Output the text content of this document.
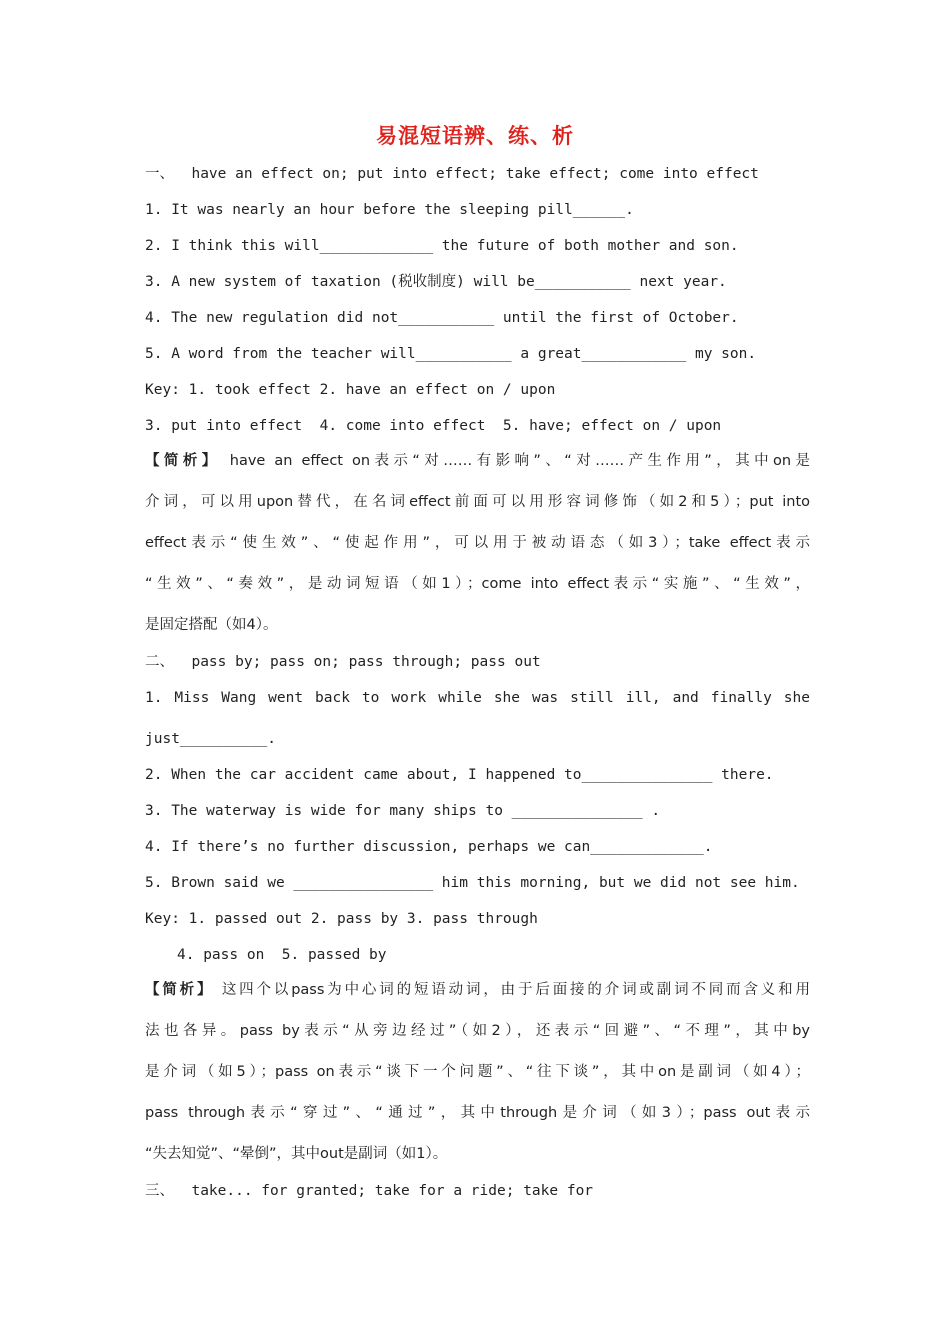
易混短语辨、练、析
一、  have an effect on; put into effect; take effect; come into effect
1. It was nearly an hour before the sleeping pill______.
2. I think this will_____________ the future of both mother and son.
3. A new system of taxation (税收制度) will be___________ next year.
4. The new regulation did not___________ until the first of October.
5. A word from the teacher will___________ a great____________ my son.
Key: 1. took effect 2. have an effect on / upon
3. put into effect  4. come into effect  5. have; effect on / upon
【简析】 have an effect on表示“对……有影响”、“对……产生作用”，其中on是
介词，可以用upon替代，在名词effect前面可以用形容词修饰（如2和5）；put into
effect表示“使生效”、“使起作用”，可以用于被动语态（如3）；take effect表示
“生效”、“奏效”，是动词短语（如1）；come into effect表示“实施”、“生效”，
是固定搭配（如4）。
二、  pass by; pass on; pass through; pass out
1. Miss Wang went back to work while she was still ill, and finally she
just__________.
2. When the car accident came about, I happened to_______________ there.
3. The waterway is wide for many ships to _______________ .
4. If there’s no further discussion, perhaps we can_____________.
5. Brown said we ________________ him this morning, but we did not see him.
Key: 1. passed out 2. pass by 3. pass through
4. pass on  5. passed by
【简析】 这四个以pass为中心词的短语动词，由于后面接的介词或副词不同而含义和用
法也各异。pass by表示“从旁边经过”（如2），还表示“回避”、“不理”，其中by
是介词（如5）；pass on表示“谈下一个问题”、“往下谈”，其中on是副词（如4）；
pass through表示“穿过”、“通过”，其中through是介词（如3）；pass out表示
“失去知觉”、“晕倒”，其中out是副词（如1）。
三、  take... for granted; take for a ride; take for
